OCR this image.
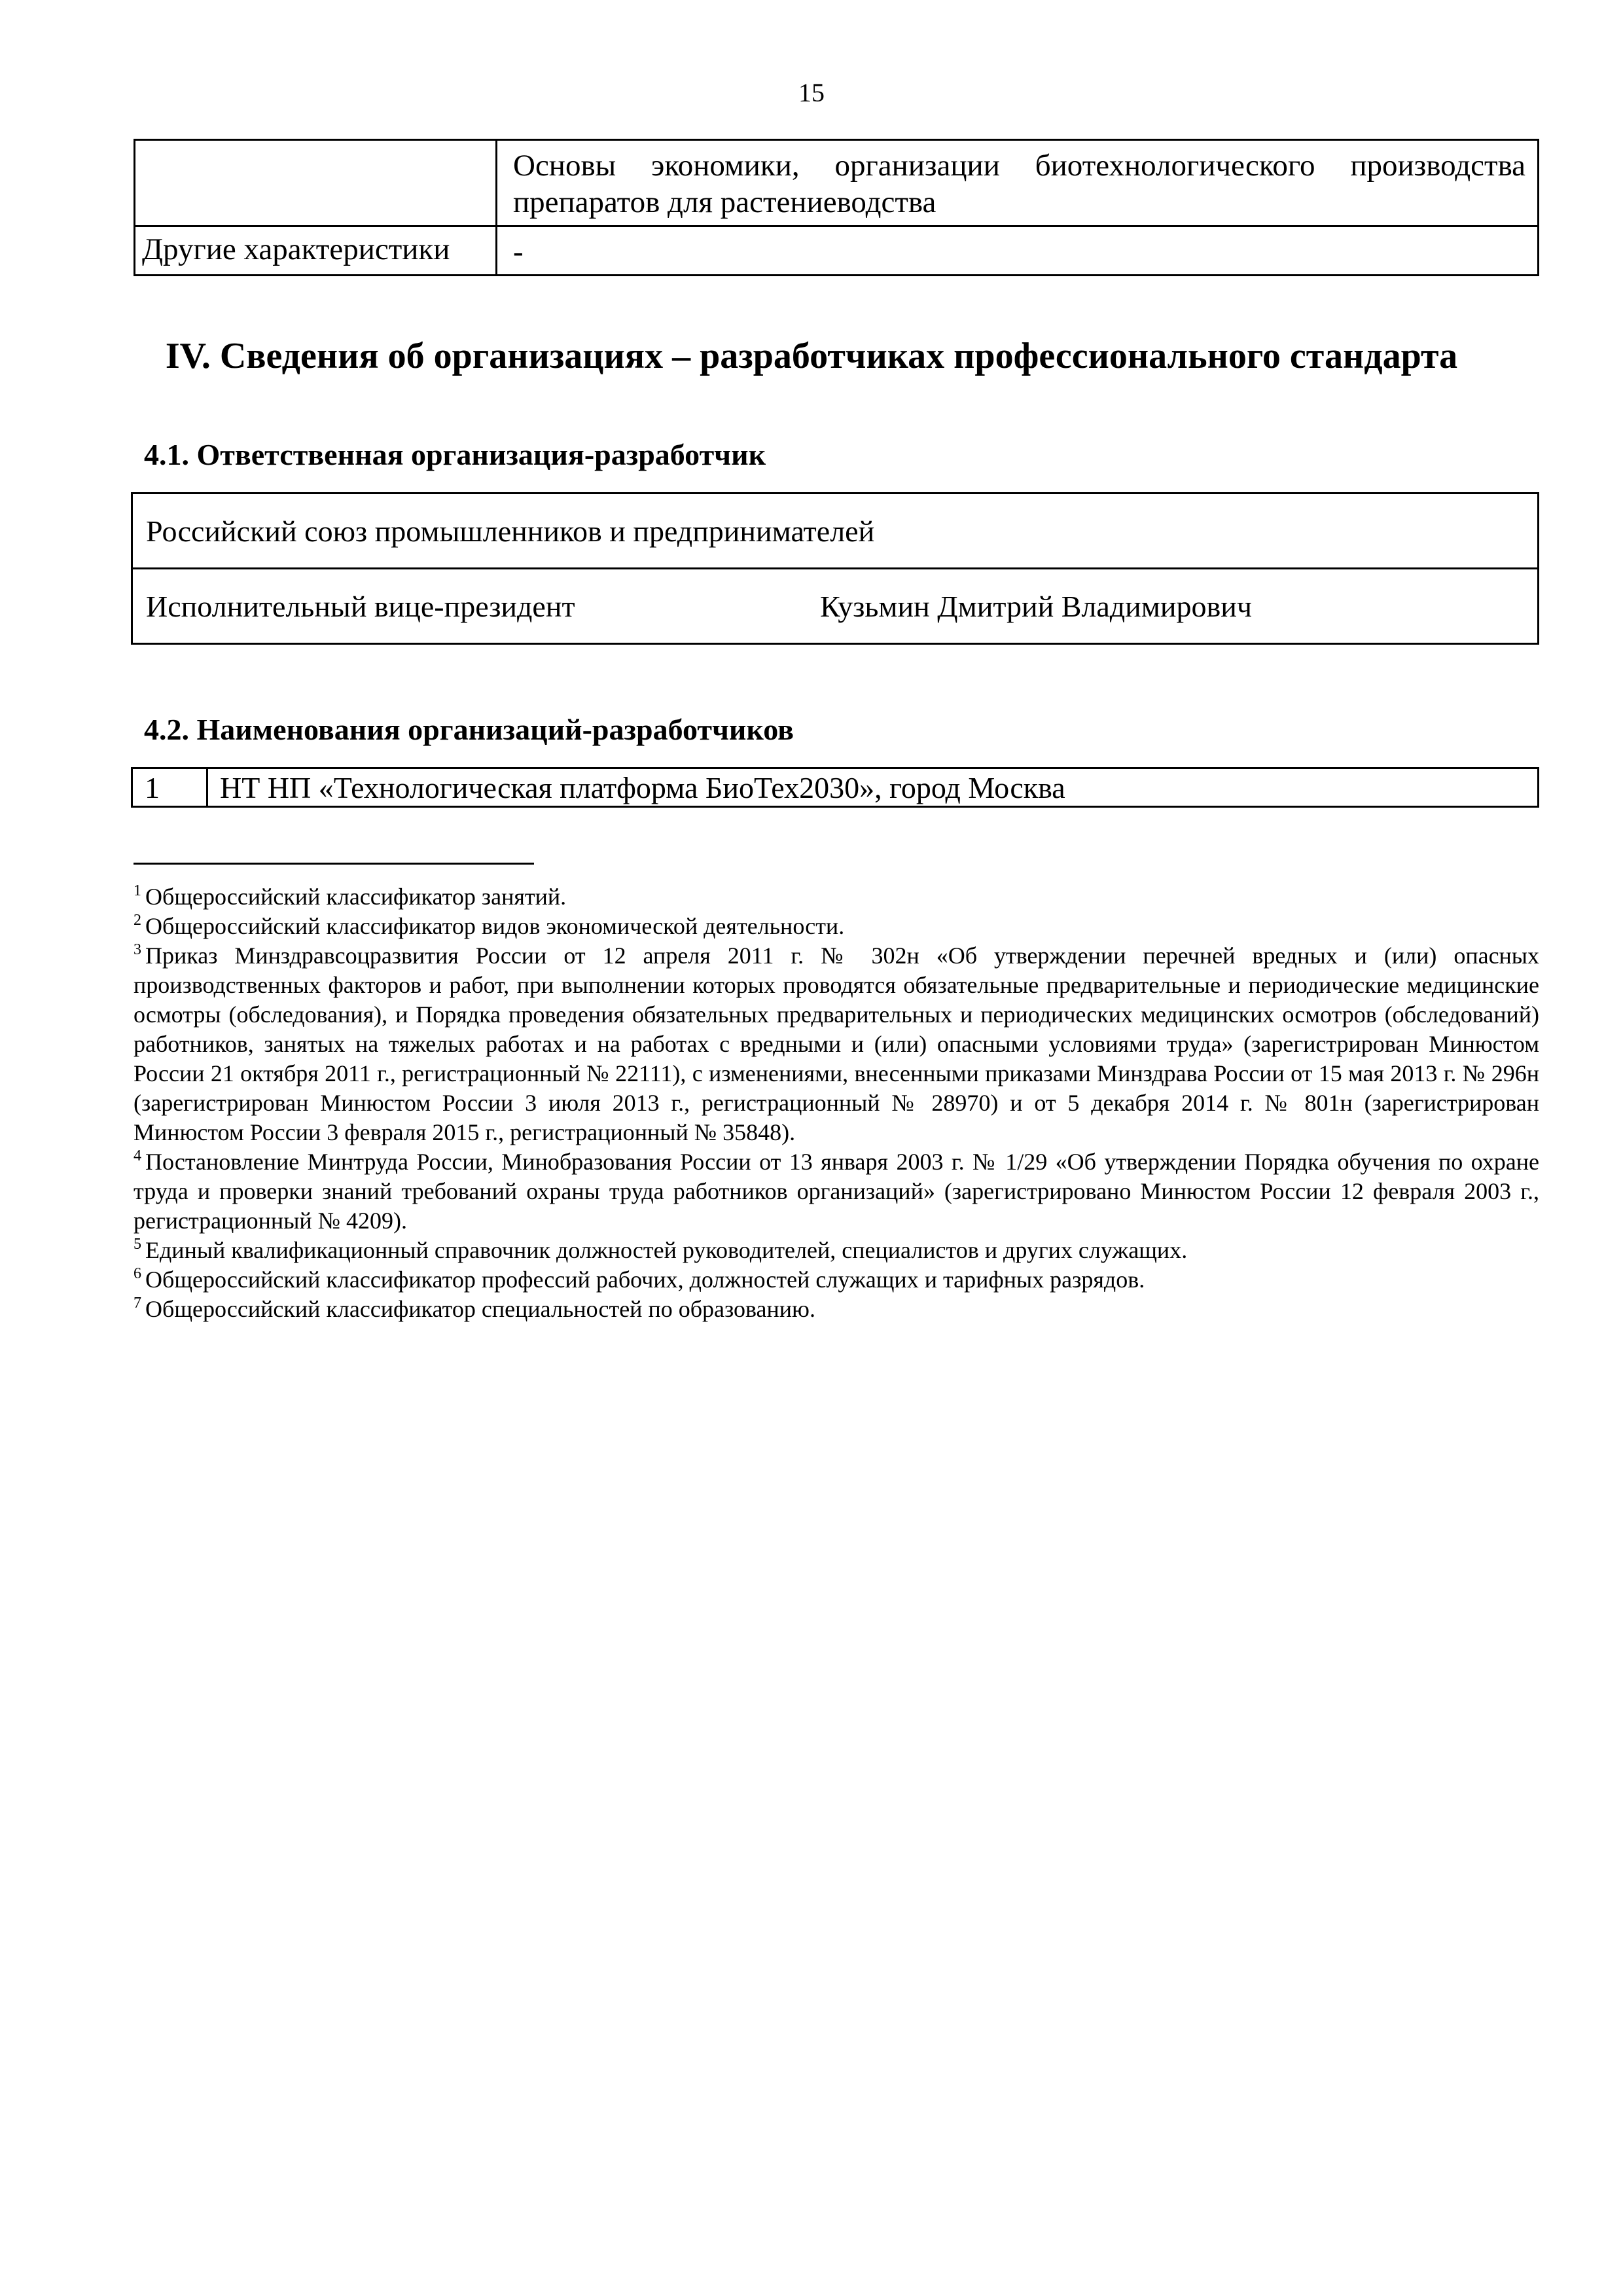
15

	Основы экономики, организации биотехнологического производства
препаратов для растениеводства
Другие характеристики	-
IV. Сведения об организациях – разработчиках профессионального стандарта
4.1. Ответственная организация-разработчик
Российский союз промышленников и предпринимателей

Исполнительный вице-президент	Кузьмин Дмитрий Владимирович
4.2. Наименования организаций-разработчиков
1	НТ НП «Технологическая платформа БиоТех2030», город Москва

$^1$ Общероссийский классификатор занятий.

$^2$ Общероссийский классификатор видов экономической деятельности.

$^3$ Приказ Минздравсоцразвития России от 12 апреля 2011 г. № 302н «Об утверждении перечней вредных и (или) опасных производственных факторов и работ, при выполнении которых проводятся обязательные предварительные и периодические медицинские осмотры (обследования), и Порядка проведения обязательных предварительных и периодических медицинских осмотров (обследований) работников, занятых на тяжелых работах и на работах с вредными и (или) опасными условиями труда» (зарегистрирован Минюстом России 21 октября 2011 г., регистрационный № 22111), с изменениями, внесенными приказами Минздрава России от 15 мая 2013 г. № 296н (зарегистрирован Минюстом России 3 июля 2013 г., регистрационный № 28970) и от 5 декабря 2014 г. № 801н (зарегистрирован Минюстом России 3 февраля 2015 г., регистрационный № 35848).

$^4$ Постановление Минтруда России, Минобразования России от 13 января 2003 г. № 1/29 «Об утверждении Порядка обучения по охране труда и проверки знаний требований охраны труда работников организаций» (зарегистрировано Минюстом России 12 февраля 2003 г., регистрационный № 4209).

$^5$ Единый квалификационный справочник должностей руководителей, специалистов и других служащих.

$^6$ Общероссийский классификатор профессий рабочих, должностей служащих и тарифных разрядов.

$^7$ Общероссийский классификатор специальностей по образованию.
